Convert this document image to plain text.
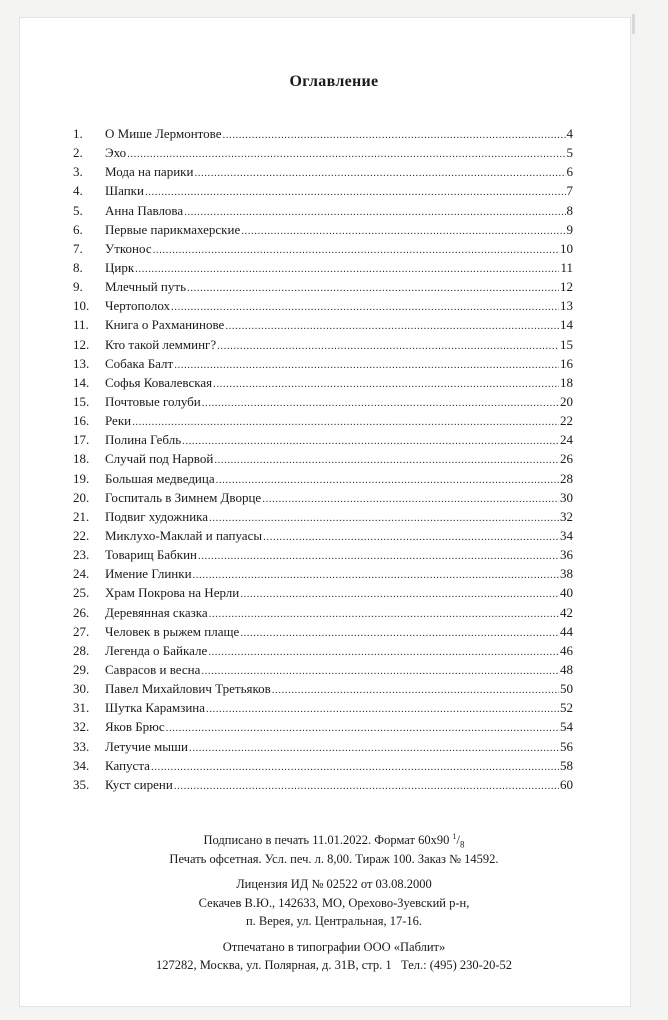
Оглавление
1.	О Мише Лермонтове .....	4
2.	Эхо .....	5
3.	Мода на парики .....	6
4.	Шапки .....	7
5.	Анна Павлова .....	8
6.	Первые парикмахерские .....	9
7.	Утконос .....	10
8.	Цирк .....	11
9.	Млечный путь .....	12
10.	Чертополох .....	13
11.	Книга о Рахманинове .....	14
12.	Кто такой лемминг? .....	15
13.	Собака Балт .....	16
14.	Софья Ковалевская .....	18
15.	Почтовые голуби .....	20
16.	Реки .....	22
17.	Полина Гебль .....	24
18.	Случай под Нарвой .....	26
19.	Большая медведица .....	28
20.	Госпиталь в Зимнем Дворце .....	30
21.	Подвиг художника .....	32
22.	Миклухо-Маклай и папуасы .....	34
23.	Товарищ Бабкин .....	36
24.	Имение Глинки .....	38
25.	Храм Покрова на Нерли .....	40
26.	Деревянная сказка .....	42
27.	Человек в рыжем плаще .....	44
28.	Легенда о Байкале .....	46
29.	Саврасов и весна .....	48
30.	Павел Михайлович Третьяков .....	50
31.	Шутка Карамзина .....	52
32.	Яков Брюс .....	54
33.	Летучие мыши .....	56
34.	Капуста .....	58
35.	Куст сирени .....	60
Подписано в печать 11.01.2022. Формат 60х90 $^1/_8$
Печать офсетная. Усл. печ. л. 8,00. Тираж 100. Заказ № 14592.
Лицензия ИД № 02522 от 03.08.2000
Секачев В.Ю., 142633, МО, Орехово-Зуевский р-н,
п. Верея, ул. Центральная, 17-16.
Отпечатано в типографии ООО «Паблит»
127282, Москва, ул. Полярная, д. 31В, стр. 1   Тел.: (495) 230-20-52
